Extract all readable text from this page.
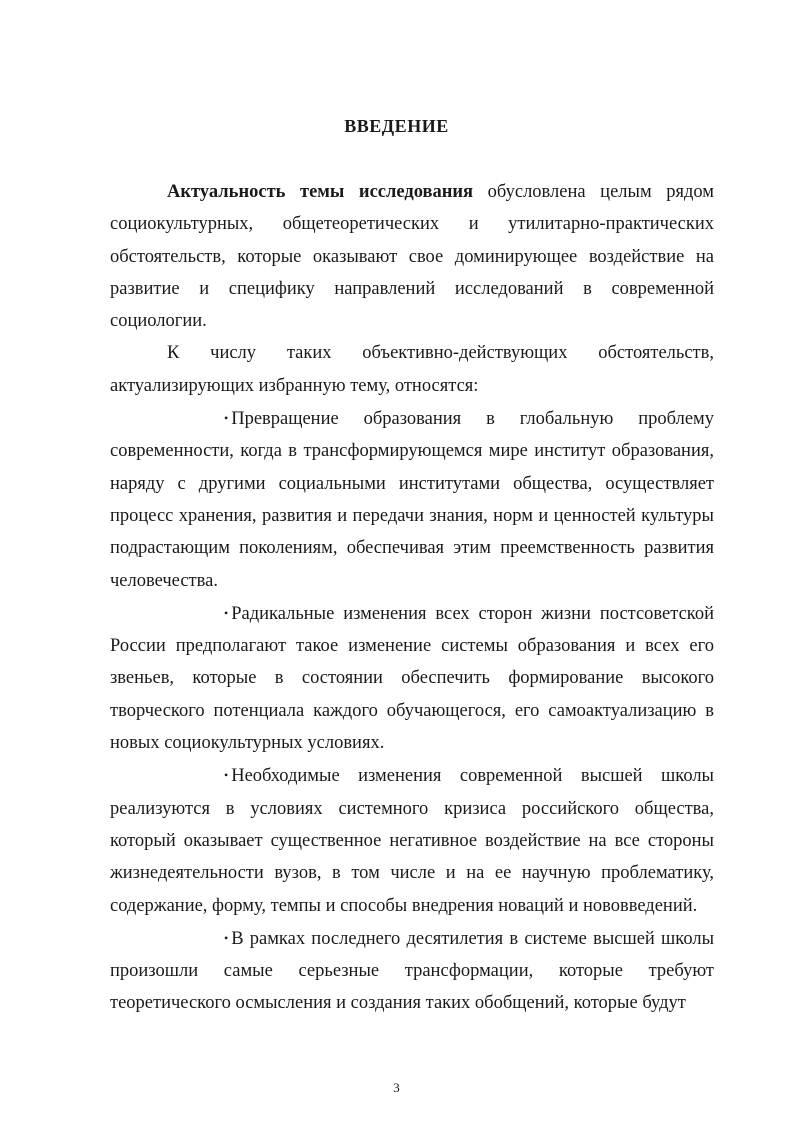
ВВЕДЕНИЕ

Актуальность темы исследования обусловлена целым рядом социокультурных, общетеоретических и утилитарно-практических обстоятельств, которые оказывают свое доминирующее воздействие на развитие и специфику направлений исследований в современной социологии.

К числу таких объективно-действующих обстоятельств, актуализирующих избранную тему, относятся:

• Превращение образования в глобальную проблему современности, когда в трансформирующемся мире институт образования, наряду с другими социальными институтами общества, осуществляет процесс хранения, развития и передачи знания, норм и ценностей культуры подрастающим поколениям, обеспечивая этим преемственность развития человечества.

• Радикальные изменения всех сторон жизни постсоветской России предполагают такое изменение системы образования и всех его звеньев, которые в состоянии обеспечить формирование высокого творческого потенциала каждого обучающегося, его самоактуализацию в новых социокультурных условиях.

• Необходимые изменения современной высшей школы реализуются в условиях системного кризиса российского общества, который оказывает существенное негативное воздействие на все стороны жизнедеятельности вузов, в том числе и на ее научную проблематику, содержание, форму, темпы и способы внедрения новаций и нововведений.

• В рамках последнего десятилетия в системе высшей школы произошли самые серьезные трансформации, которые требуют теоретического осмысления и создания таких обобщений, которые будут

3
